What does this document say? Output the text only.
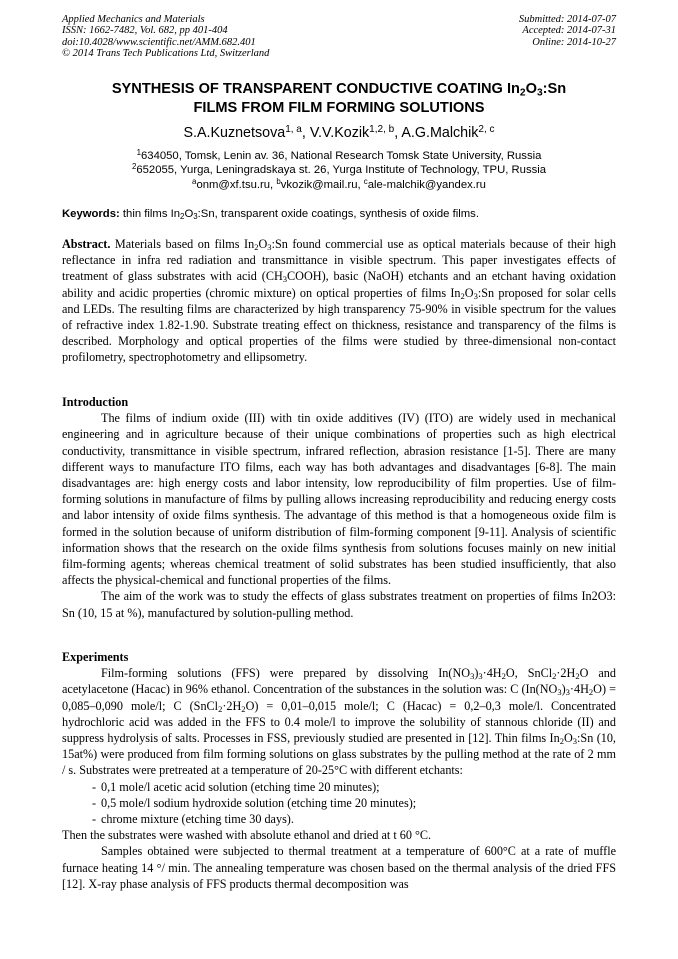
Applied Mechanics and Materials
ISSN: 1662-7482, Vol. 682, pp 401-404
doi:10.4028/www.scientific.net/AMM.682.401
© 2014 Trans Tech Publications Ltd, Switzerland
Submitted: 2014-07-07
Accepted: 2014-07-31
Online: 2014-10-27
SYNTHESIS OF TRANSPARENT CONDUCTIVE COATING $In_2O_3:Sn$
FILMS FROM FILM FORMING SOLUTIONS
S.A.Kuznetsova$^{1, a}$, V.V.Kozik$^{1,2, b}$, A.G.Malchik$^{2, c}$
$^1$634050, Tomsk, Lenin av. 36, National Research Tomsk State University, Russia
$^2$652055, Yurga, Leningradskaya st. 26, Yurga Institute of Technology, TPU, Russia
$^a$onm@xf.tsu.ru, $^b$vkozik@mail.ru, $^c$ale-malchik@yandex.ru
Keywords: thin films $In_2O_3:Sn$, transparent oxide coatings, synthesis of oxide films.

Abstract. Materials based on films $In_2O_3:Sn$ found commercial use as optical materials because of their high reflectance in infra red radiation and transmittance in visible spectrum. This paper investigates effects of treatment of glass substrates with acid $(CH_3COOH)$, basic (NaOH) etchants and an etchant having oxidation ability and acidic properties (chromic mixture) on optical properties of films $In_2O_3:Sn$ proposed for solar cells and LEDs. The resulting films are characterized by high transparency 75-90% in visible spectrum for the values of refractive index 1.82-1.90. Substrate treating effect on thickness, resistance and transparency of the films is described. Morphology and optical properties of the films were studied by three-dimensional non-contact profilometry, spectrophotometry and ellipsometry.

Introduction

The films of indium oxide (III) with tin oxide additives (IV) (ITO) are widely used in mechanical engineering and in agriculture because of their unique combinations of properties such as high electrical conductivity, transmittance in visible spectrum, infrared reflection, abrasion resistance [1-5]. There are many different ways to manufacture ITO films, each way has both advantages and disadvantages [6-8]. The main disadvantages are: high energy costs and labor intensity, low reproducibility of film properties. Use of film-forming solutions in manufacture of films by pulling allows increasing reproducibility and reducing energy costs and labor intensity of oxide films synthesis. The advantage of this method is that a homogeneous oxide film is formed in the solution because of uniform distribution of film-forming component [9-11]. Analysis of scientific information shows that the research on the oxide films synthesis from solutions focuses mainly on new initial film-forming agents; whereas chemical treatment of solid substrates has been studied insufficiently, that also affects the physical-chemical and functional properties of the films.

The aim of the work was to study the effects of glass substrates treatment on properties of films In2O3: Sn (10, 15 at %), manufactured by solution-pulling method.

Experiments

Film-forming solutions (FFS) were prepared by dissolving $In(NO_3)_3\cdot 4H_2O$, $SnCl_2\cdot 2H_2O$ and acetylacetone (Hacac) in 96% ethanol. Concentration of the substances in the solution was: C $(In(NO_3)_3\cdot 4H_2O) = 0,085-0,090$ mole/l; C $(SnCl_2\cdot 2H_2O) = 0,01-0,015$ mole/l; C (Hacac) = 0,2–0,3 mole/l. Concentrated hydrochloric acid was added in the FFS to 0.4 mole/l to improve the solubility of stannous chloride (II) and suppress hydrolysis of salts. Processes in FSS, previously studied are presented in [12]. Thin films $In_2O_3:Sn$ (10, 15at%) were produced from film forming solutions on glass substrates by the pulling method at the rate of 2 mm / s. Substrates were pretreated at a temperature of 20-25°C with different etchants:

- 0,1 mole/l acetic acid solution (etching time 20 minutes);
- 0,5 mole/l sodium hydroxide solution (etching time 20 minutes);
- chrome mixture (etching time 30 days).

Then the substrates were washed with absolute ethanol and dried at t 60 °C.

Samples obtained were subjected to thermal treatment at a temperature of 600°C at a rate of muffle furnace heating 14 °/ min. The annealing temperature was chosen based on the thermal analysis of the dried FFS [12]. X-ray phase analysis of FFS products thermal decomposition was
